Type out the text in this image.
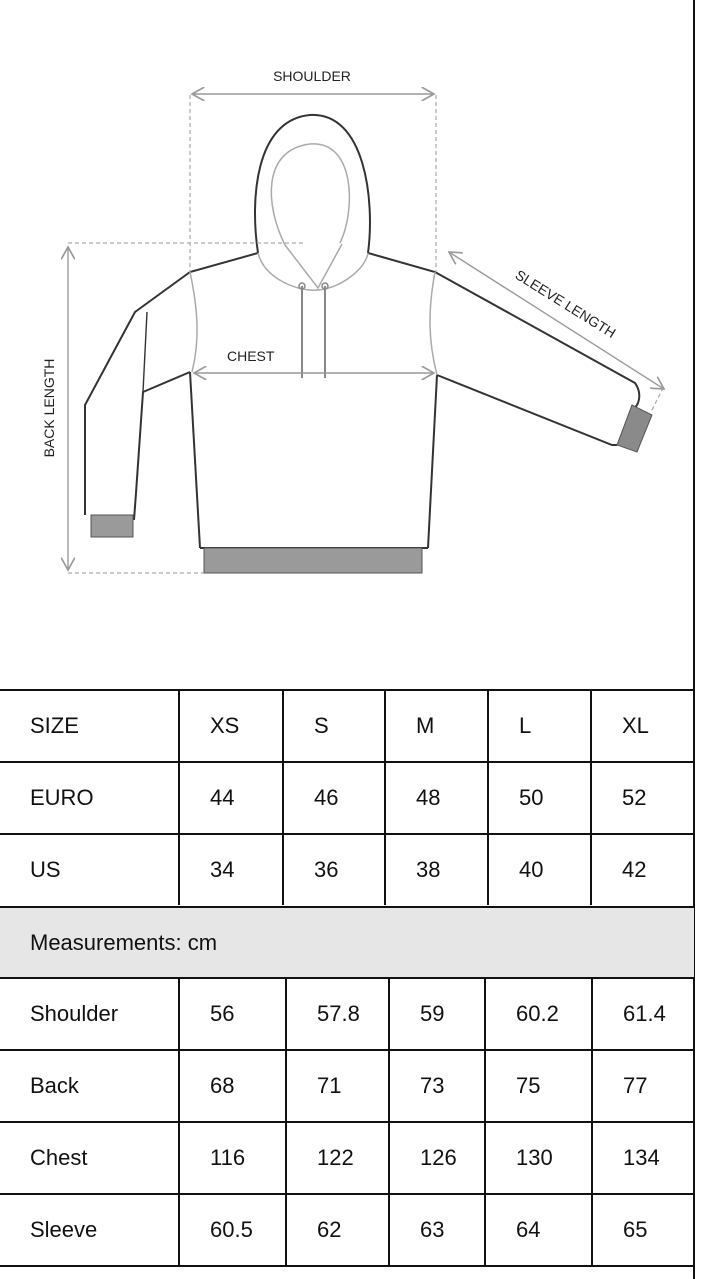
SHOULDER
CHEST
BACK LENGTH
SLEEVE LENGTH
SIZE	XS	S	M	L	XL
EURO	44	46	48	50	52
US	34	36	38	40	42
Measurements: cm
Shoulder	56	57.8	59	60.2	61.4
Back	68	71	73	75	77
Chest	116	122	126	130	134
Sleeve	60.5	62	63	64	65
